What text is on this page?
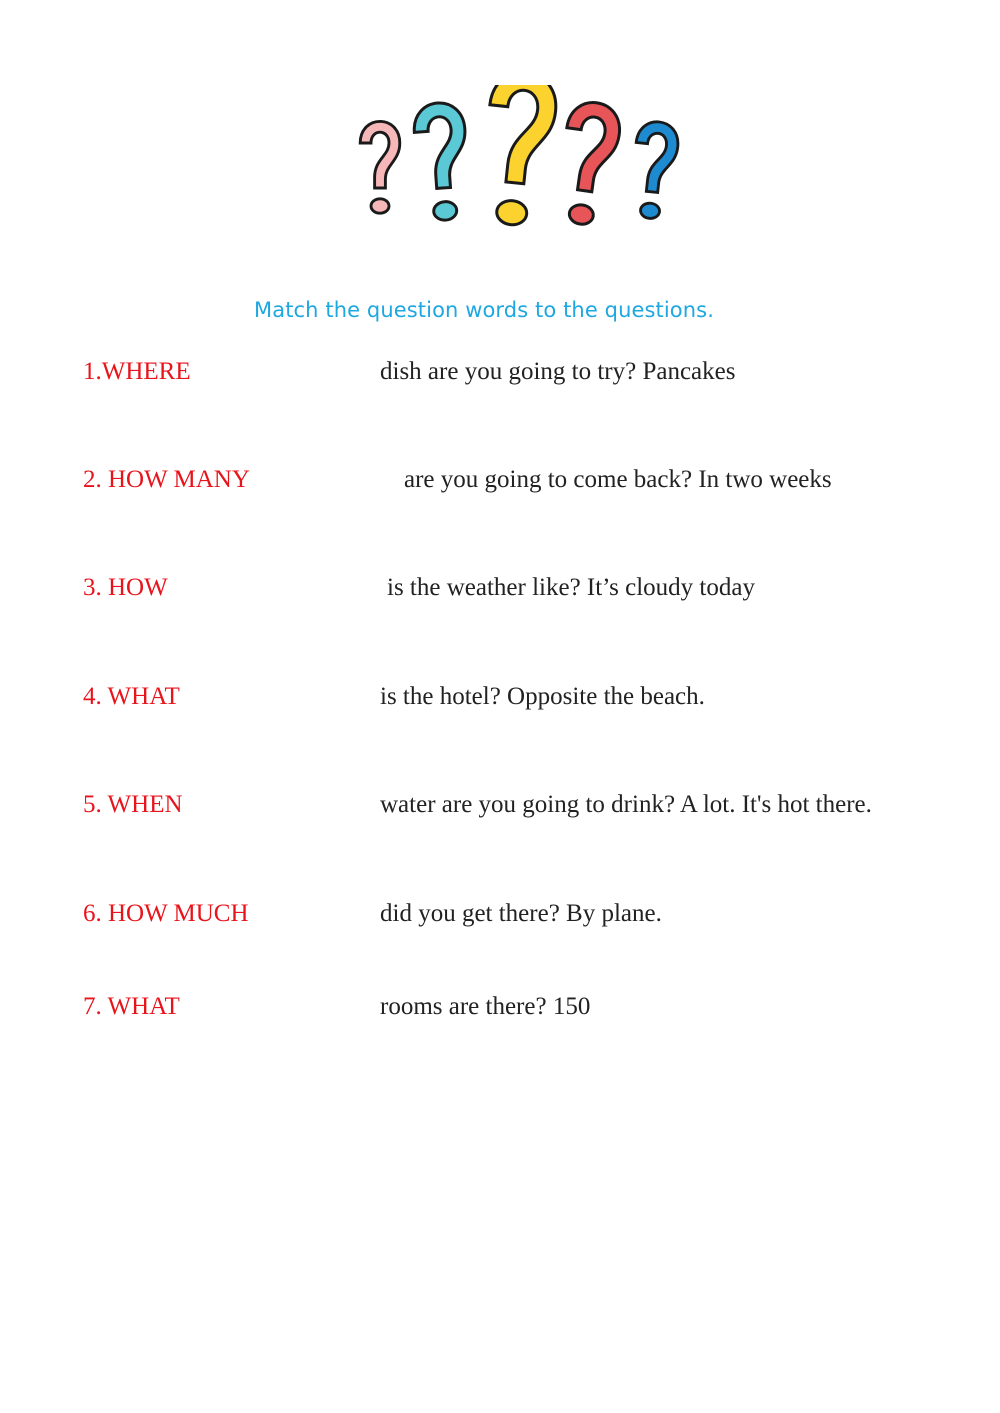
Match the question words to the questions.
1.WHERE	dish are you going to try? Pancakes
2. HOW MANY	are you going to come back? In two weeks
3. HOW	is the weather like? It’s cloudy today
4. WHAT	is the hotel? Opposite the beach.
5. WHEN	water are you going to drink? A lot. It's hot there.
6. HOW MUCH	did you get there? By plane.
7. WHAT	rooms are there? 150
